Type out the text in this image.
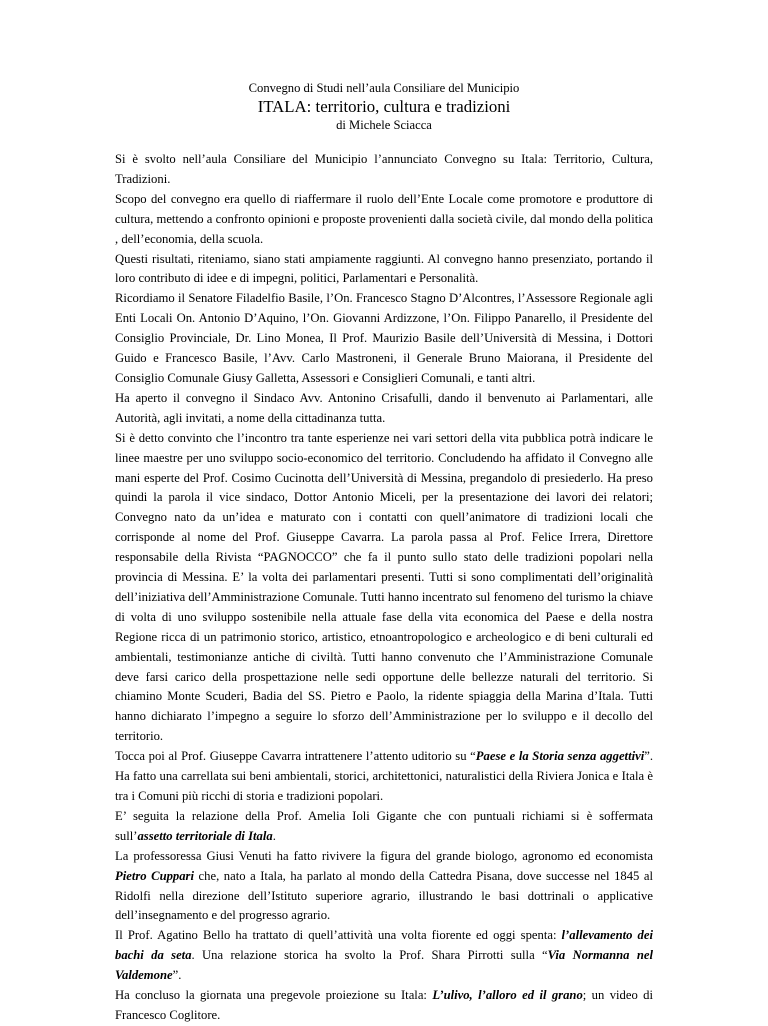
Convegno di Studi nell’aula Consiliare del Municipio
ITALA: territorio, cultura e tradizioni
di Michele Sciacca

Si è svolto nell’aula Consiliare del Municipio l’annunciato Convegno su Itala: Territorio, Cultura, Tradizioni.

Scopo del convegno era quello di riaffermare il ruolo dell’Ente Locale come promotore e produttore di cultura, mettendo a confronto opinioni e proposte provenienti dalla società civile, dal mondo della politica , dell’economia, della scuola.

Questi risultati, riteniamo, siano stati ampiamente raggiunti. Al convegno hanno presenziato, portando il loro contributo di idee e di impegni, politici, Parlamentari e Personalità.

Ricordiamo il Senatore Filadelfio Basile, l’On. Francesco Stagno D’Alcontres, l’Assessore Regionale agli Enti Locali On. Antonio D’Aquino, l’On. Giovanni Ardizzone, l’On. Filippo Panarello, il Presidente del Consiglio Provinciale, Dr. Lino Monea, Il Prof. Maurizio Basile dell’Università di Messina, i Dottori Guido e Francesco Basile, l’Avv. Carlo Mastroneni, il Generale Bruno Maiorana, il Presidente del Consiglio Comunale Giusy Galletta, Assessori e Consiglieri Comunali, e tanti altri.

Ha aperto il convegno il Sindaco Avv. Antonino Crisafulli, dando il benvenuto ai Parlamentari, alle Autorità, agli invitati, a nome della cittadinanza tutta.

Si è detto convinto che l’incontro tra tante esperienze nei vari settori della vita pubblica potrà indicare le linee maestre per uno sviluppo socio-economico del territorio. Concludendo ha affidato il Convegno alle mani esperte del Prof. Cosimo Cucinotta dell’Università di Messina, pregandolo di presiederlo. Ha preso quindi la parola il vice sindaco, Dottor Antonio Miceli, per la presentazione dei lavori dei relatori; Convegno nato da un’idea e maturato con i contatti con quell’animatore di tradizioni locali che corrisponde al nome del Prof. Giuseppe Cavarra. La parola passa al Prof. Felice Irrera, Direttore responsabile della Rivista “PAGNOCCO” che fa il punto sullo stato delle tradizioni popolari nella provincia di Messina. E’ la volta dei parlamentari presenti. Tutti si sono complimentati dell’originalità dell’iniziativa dell’Amministrazione Comunale. Tutti hanno incentrato sul fenomeno del turismo la chiave di volta di uno sviluppo sostenibile nella attuale fase della vita economica del Paese e della nostra Regione ricca di un patrimonio storico, artistico, etnoantropologico e archeologico e di beni culturali ed ambientali, testimonianze antiche di civiltà. Tutti hanno convenuto che l’Amministrazione Comunale deve farsi carico della prospettazione nelle sedi opportune delle bellezze naturali del territorio. Si chiamino Monte Scuderi, Badia del SS. Pietro e Paolo, la ridente spiaggia della Marina d’Itala. Tutti hanno dichiarato l’impegno a seguire lo sforzo dell’Amministrazione per lo sviluppo e il decollo del territorio.

Tocca poi al Prof. Giuseppe Cavarra intrattenere l’attento uditorio su “Paese e la Storia senza aggettivi”. Ha fatto una carrellata sui beni ambientali, storici, architettonici, naturalistici della Riviera Jonica e Itala è tra i Comuni più ricchi di storia e tradizioni popolari.

E’ seguita la relazione della Prof. Amelia Ioli Gigante che con puntuali richiami si è soffermata sull’assetto territoriale di Itala.

La professoressa Giusi Venuti ha fatto rivivere la figura del grande biologo, agronomo ed economista Pietro Cuppari che, nato a Itala, ha parlato al mondo della Cattedra Pisana, dove successe nel 1845 al Ridolfi nella direzione dell’Istituto superiore agrario, illustrando le basi dottrinali o applicative dell’insegnamento e del progresso agrario.

Il Prof. Agatino Bello ha trattato di quell’attività una volta fiorente ed oggi spenta: l’allevamento dei bachi da seta. Una relazione storica ha svolto la Prof. Shara Pirrotti sulla “Via Normanna nel Valdemone”.

Ha concluso la giornata una pregevole proiezione su Itala: L’ulivo, l’alloro ed il grano; un video di Francesco Coglitore.
